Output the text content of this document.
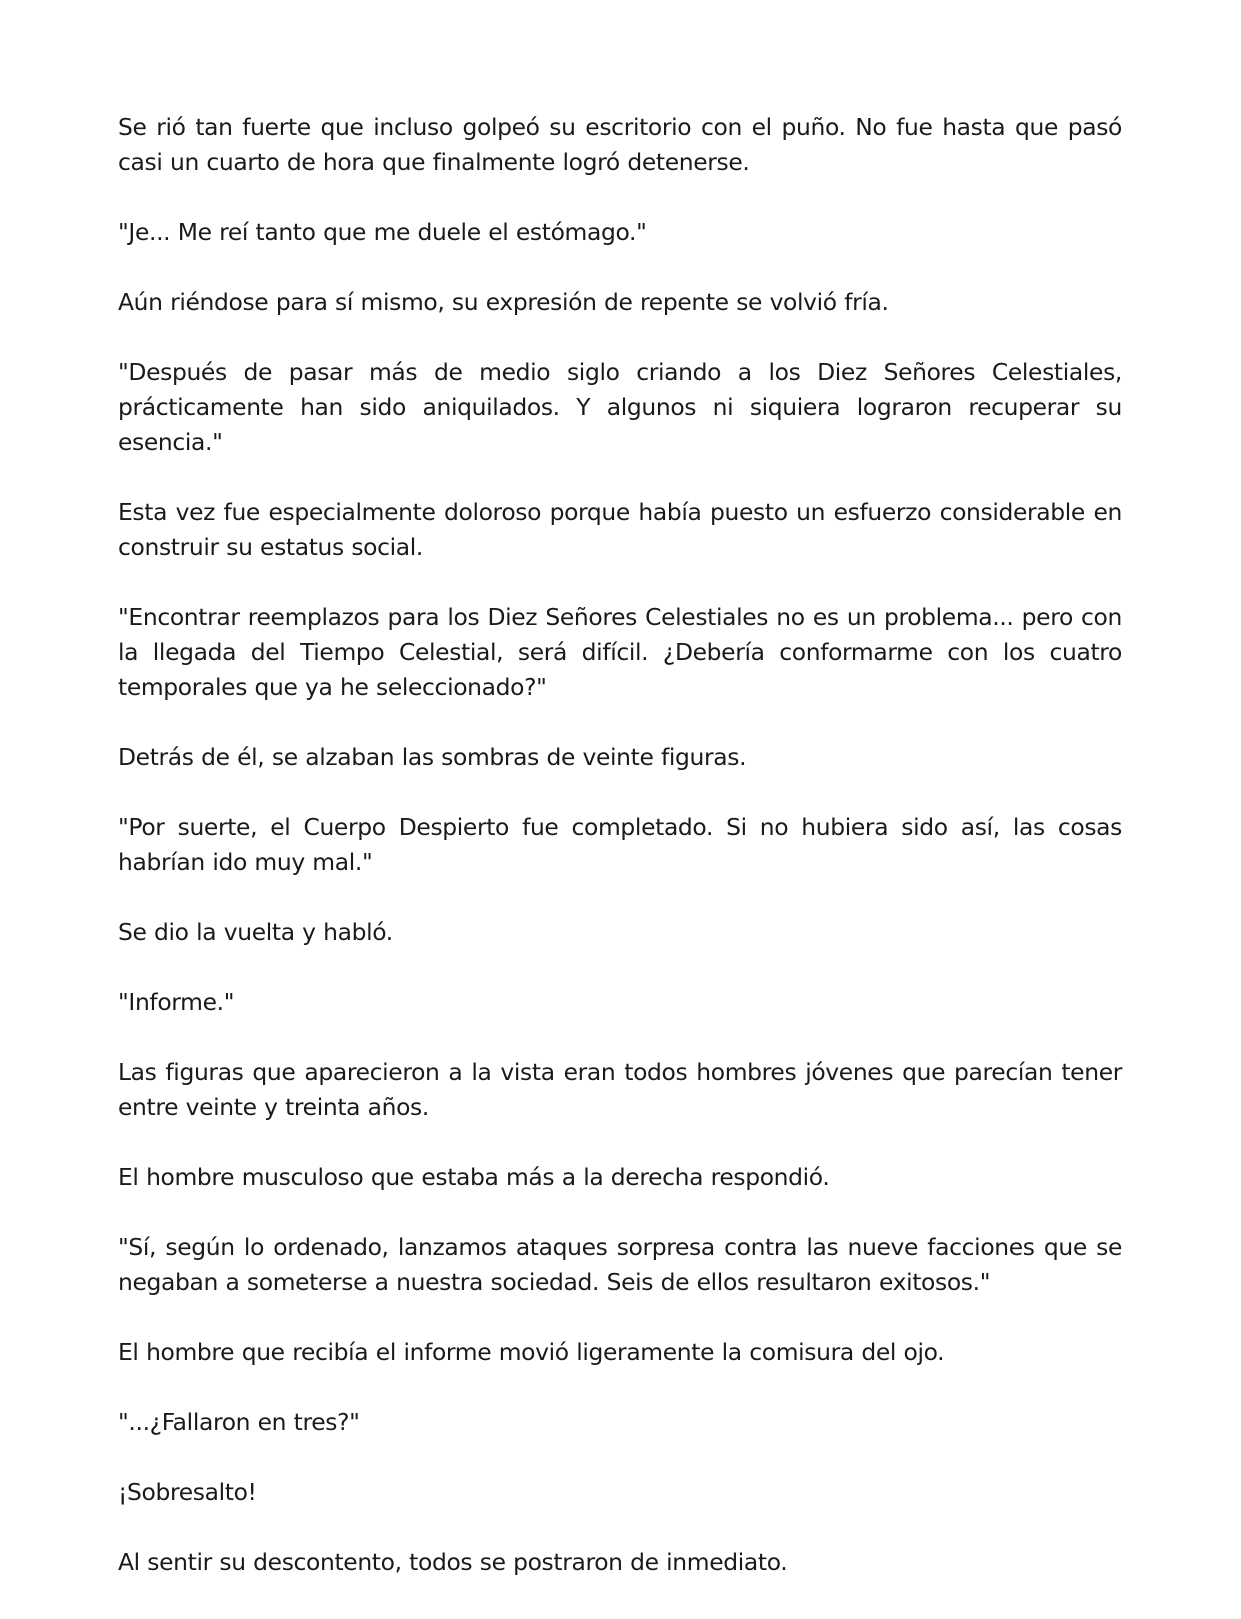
Se rió tan fuerte que incluso golpeó su escritorio con el puño. No fue hasta que pasó casi un cuarto de hora que finalmente logró detenerse.

"Je... Me reí tanto que me duele el estómago."

Aún riéndose para sí mismo, su expresión de repente se volvió fría.

"Después de pasar más de medio siglo criando a los Diez Señores Celestiales, prácticamente han sido aniquilados. Y algunos ni siquiera lograron recuperar su esencia."

Esta vez fue especialmente doloroso porque había puesto un esfuerzo considerable en construir su estatus social.

"Encontrar reemplazos para los Diez Señores Celestiales no es un problema... pero con la llegada del Tiempo Celestial, será difícil. ¿Debería conformarme con los cuatro temporales que ya he seleccionado?"

Detrás de él, se alzaban las sombras de veinte figuras.

"Por suerte, el Cuerpo Despierto fue completado. Si no hubiera sido así, las cosas habrían ido muy mal."

Se dio la vuelta y habló.

"Informe."

Las figuras que aparecieron a la vista eran todos hombres jóvenes que parecían tener entre veinte y treinta años.

El hombre musculoso que estaba más a la derecha respondió.

"Sí, según lo ordenado, lanzamos ataques sorpresa contra las nueve facciones que se negaban a someterse a nuestra sociedad. Seis de ellos resultaron exitosos."

El hombre que recibía el informe movió ligeramente la comisura del ojo.

"...¿Fallaron en tres?"

¡Sobresalto!

Al sentir su descontento, todos se postraron de inmediato.
